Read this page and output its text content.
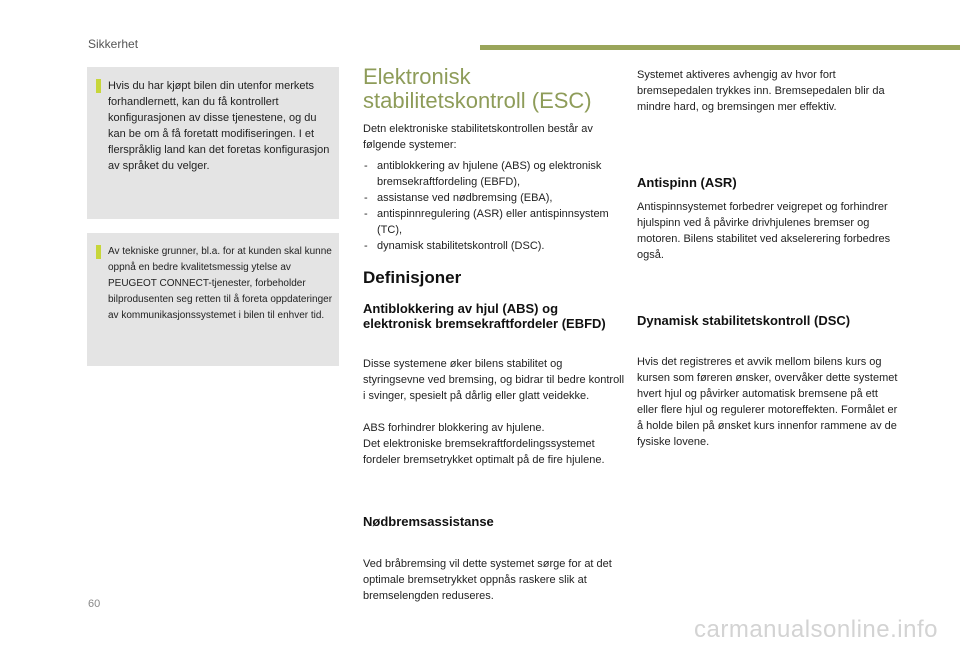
Sikkerhet

Hvis du har kjøpt bilen din utenfor merkets forhandlernett, kan du få kontrollert konfigurasjonen av disse tjenestene, og du kan be om å få foretatt modifiseringen. I et flerspråklig land kan det foretas konfigurasjon av språket du velger.

Av tekniske grunner, bl.a. for at kunden skal kunne oppnå en bedre kvalitetsmessig ytelse av PEUGEOT CONNECT-tjenester, forbeholder bilprodusenten seg retten til å foreta oppdateringer av kommunikasjonssystemet i bilen til enhver tid.

Elektronisk stabilitetskontroll (ESC)

Detn elektroniske stabilitetskontrollen består av følgende systemer:

- antiblokkering av hjulene (ABS) og elektronisk bremsekraftfordeling (EBFD),
- assistanse ved nødbremsing (EBA),
- antispinnregulering (ASR) eller antispinnsystem (TC),
- dynamisk stabilitetskontroll (DSC).
Definisjoner
Antiblokkering av hjul (ABS) og elektronisk bremsekraftfordeler (EBFD)

Disse systemene øker bilens stabilitet og styringsevne ved bremsing, og bidrar til bedre kontroll i svinger, spesielt på dårlig eller glatt veidekke.

ABS forhindrer blokkering av hjulene.

Det elektroniske bremsekraftfordelingssystemet fordeler bremsetrykket optimalt på de fire hjulene.

Nødbremsassistanse

Ved bråbremsing vil dette systemet sørge for at det optimale bremsetrykket oppnås raskere slik at bremselengden reduseres.

Systemet aktiveres avhengig av hvor fort bremsepedalen trykkes inn. Bremsepedalen blir da mindre hard, og bremsingen mer effektiv.

Antispinn (ASR)

Antispinnsystemet forbedrer veigrepet og forhindrer hjulspinn ved å påvirke drivhjulenes bremser og motoren. Bilens stabilitet ved akselerering forbedres også.

Dynamisk stabilitetskontroll (DSC)

Hvis det registreres et avvik mellom bilens kurs og kursen som føreren ønsker, overvåker dette systemet hvert hjul og påvirker automatisk bremsene på ett eller flere hjul og regulerer motoreffekten. Formålet er å holde bilen på ønsket kurs innenfor rammene av de fysiske lovene.

60
carmanualsonline.info
